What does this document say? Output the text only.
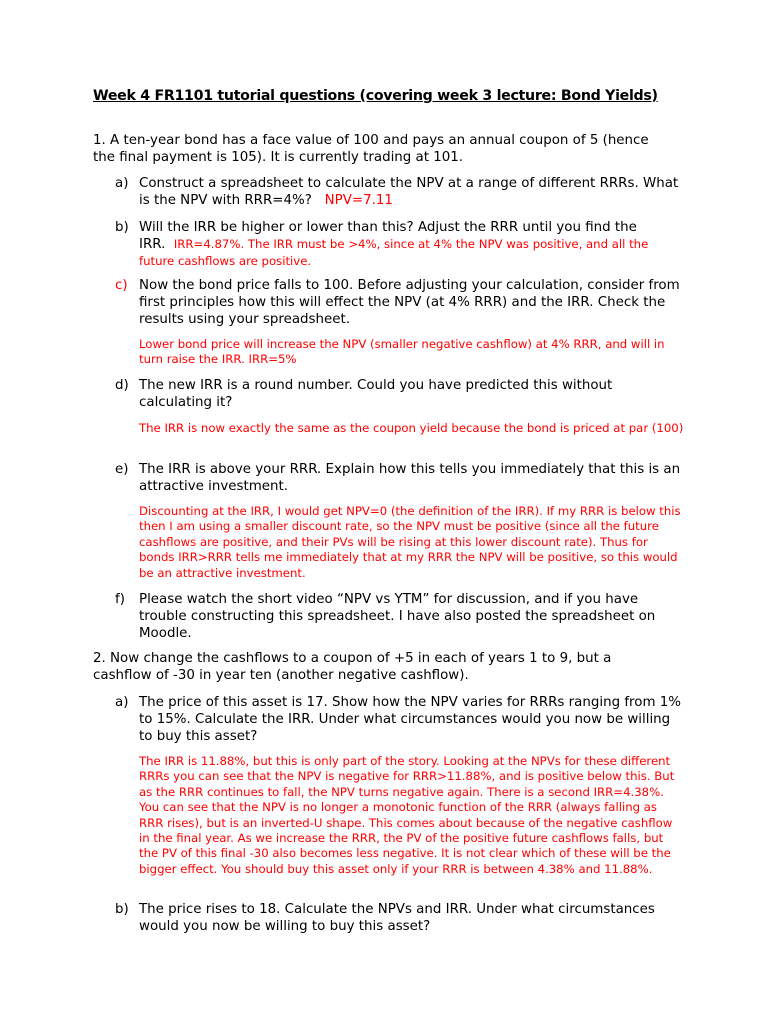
Week 4 FR1101 tutorial questions (covering week 3 lecture: Bond Yields)

1. A ten-year bond has a face value of 100 and pays an annual coupon of 5 (hence the final payment is 105). It is currently trading at 101.

a) Construct a spreadsheet to calculate the NPV at a range of different RRRs. What is the NPV with RRR=4%? NPV=7.11
b) Will the IRR be higher or lower than this? Adjust the RRR until you find the IRR. IRR=4.87%. The IRR must be >4%, since at 4% the NPV was positive, and all the future cashflows are positive.
c) Now the bond price falls to 100. Before adjusting your calculation, consider from first principles how this will effect the NPV (at 4% RRR) and the IRR. Check the results using your spreadsheet.
Lower bond price will increase the NPV (smaller negative cashflow) at 4% RRR, and will in turn raise the IRR. IRR=5%
d) The new IRR is a round number. Could you have predicted this without calculating it?
The IRR is now exactly the same as the coupon yield because the bond is priced at par (100)
e) The IRR is above your RRR. Explain how this tells you immediately that this is an attractive investment.
Discounting at the IRR, I would get NPV=0 (the definition of the IRR). If my RRR is below this then I am using a smaller discount rate, so the NPV must be positive (since all the future cashflows are positive, and their PVs will be rising at this lower discount rate). Thus for bonds IRR>RRR tells me immediately that at my RRR the NPV will be positive, so this would be an attractive investment.
f) Please watch the short video “NPV vs YTM” for discussion, and if you have trouble constructing this spreadsheet. I have also posted the spreadsheet on Moodle.

2. Now change the cashflows to a coupon of +5 in each of years 1 to 9, but a cashflow of -30 in year ten (another negative cashflow).

a) The price of this asset is 17. Show how the NPV varies for RRRs ranging from 1% to 15%. Calculate the IRR. Under what circumstances would you now be willing to buy this asset?
The IRR is 11.88%, but this is only part of the story. Looking at the NPVs for these different RRRs you can see that the NPV is negative for RRR>11.88%, and is positive below this. But as the RRR continues to fall, the NPV turns negative again. There is a second IRR=4.38%. You can see that the NPV is no longer a monotonic function of the RRR (always falling as RRR rises), but is an inverted-U shape. This comes about because of the negative cashflow in the final year. As we increase the RRR, the PV of the positive future cashflows falls, but the PV of this final -30 also becomes less negative. It is not clear which of these will be the bigger effect. You should buy this asset only if your RRR is between 4.38% and 11.88%.
b) The price rises to 18. Calculate the NPVs and IRR. Under what circumstances would you now be willing to buy this asset?
